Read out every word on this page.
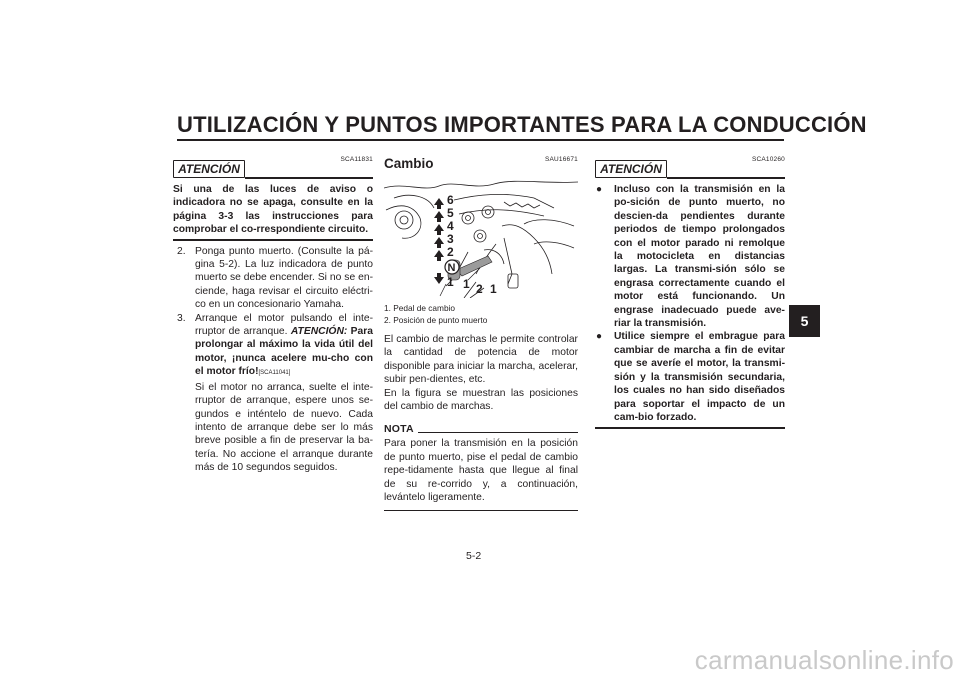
UTILIZACIÓN Y PUNTOS IMPORTANTES PARA LA CONDUCCIÓN
5
SCA11831
ATENCIÓN
Si una de las luces de aviso o indicadora no se apaga, consulte en la página 3-3 las instrucciones para comprobar el co-rrespondiente circuito.
2. Ponga punto muerto. (Consulte la pá-gina 5-2). La luz indicadora de punto muerto se debe encender. Si no se en-ciende, haga revisar el circuito eléctri-co en un concesionario Yamaha.
3. Arranque el motor pulsando el inte-rruptor de arranque. ATENCIÓN: Para prolongar al máximo la vida útil del motor, ¡nunca acelere mu-cho con el motor frío![SCA11041]
Si el motor no arranca, suelte el inte-rruptor de arranque, espere unos se-gundos e inténtelo de nuevo. Cada intento de arranque debe ser lo más breve posible a fin de preservar la ba-tería. No accione el arranque durante más de 10 segundos seguidos.
SAU16671
Cambio
6
5
4
3
2
N
1 1 2 1
1. Pedal de cambio
2. Posición de punto muerto
El cambio de marchas le permite controlar la cantidad de potencia de motor disponible para iniciar la marcha, acelerar, subir pen-dientes, etc.
En la figura se muestran las posiciones del cambio de marchas.
NOTA
Para poner la transmisión en la posición de punto muerto, pise el pedal de cambio repe-tidamente hasta que llegue al final de su re-corrido y, a continuación, levántelo ligeramente.
SCA10260
ATENCIÓN
●	Incluso con la transmisión en la po-sición de punto muerto, no descien-da pendientes durante periodos de tiempo prolongados con el motor parado ni remolque la motocicleta en distancias largas. La transmi-sión sólo se engrasa correctamente cuando el motor está funcionando. Un engrase inadecuado puede ave-riar la transmisión.
●	Utilice siempre el embrague para cambiar de marcha a fin de evitar que se averíe el motor, la transmi-sión y la transmisión secundaria, los cuales no han sido diseñados para soportar el impacto de un cam-bio forzado.
5-2
carmanualsonline.info
